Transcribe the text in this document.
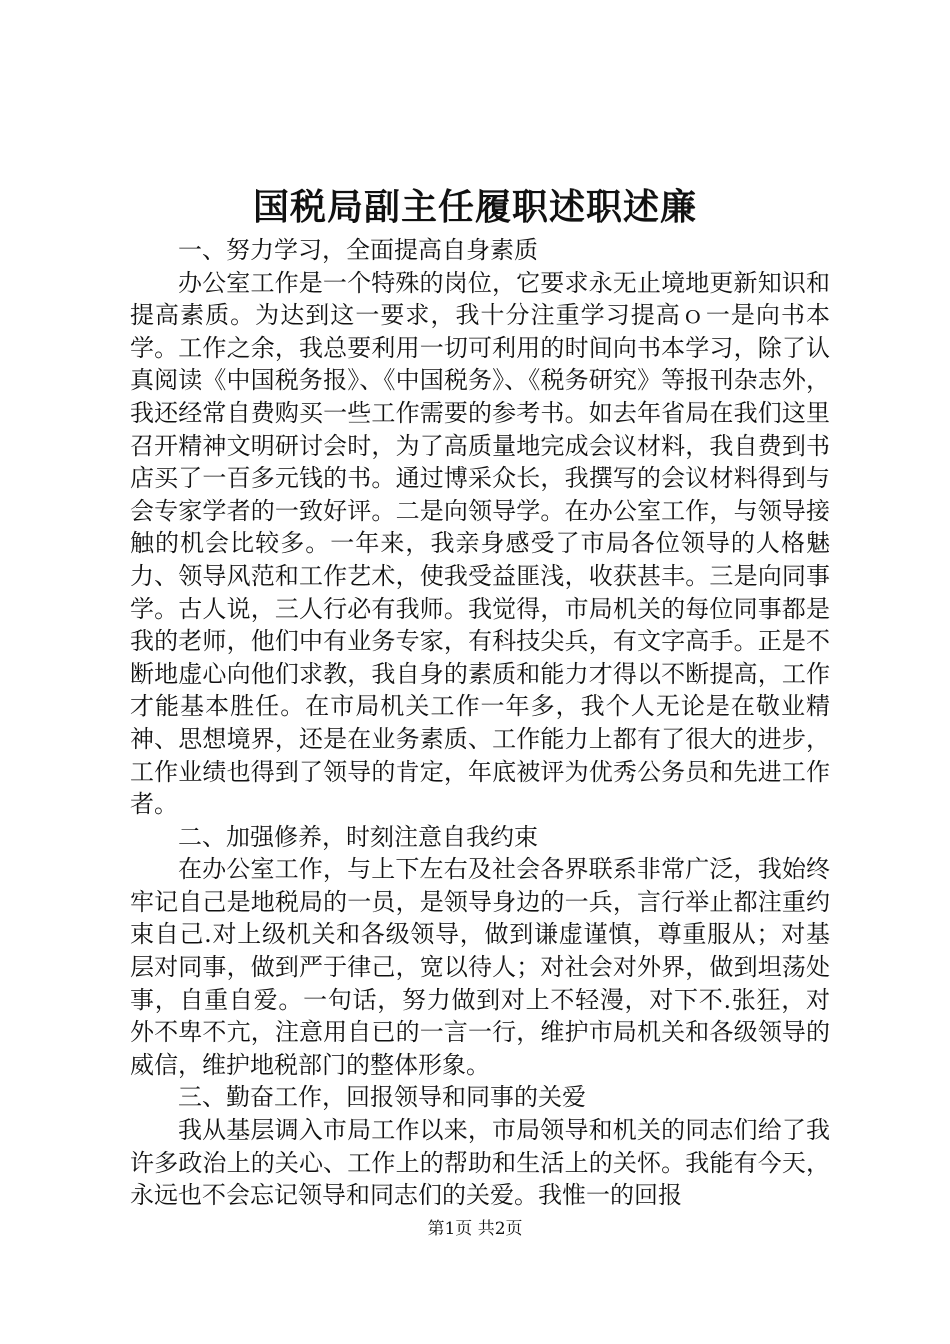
国税局副主任履职述职述廉

一、努力学习，全面提高自身素质

办公室工作是一个特殊的岗位，它要求永无止境地更新知识和提高素质。为达到这一要求，我十分注重学习提高ｏ一是向书本学。工作之余，我总要利用一切可利用的时间向书本学习，除了认真阅读《中国税务报》、《中国税务》、《税务研究》等报刊杂志外，我还经常自费购买一些工作需要的参考书。如去年省局在我们这里召开精神文明研讨会时，为了高质量地完成会议材料，我自费到书店买了一百多元钱的书。通过博采众长，我撰写的会议材料得到与会专家学者的一致好评。二是向领导学。在办公室工作，与领导接触的机会比较多。一年来，我亲身感受了市局各位领导的人格魅力、领导风范和工作艺术，使我受益匪浅，收获甚丰。三是向同事学。古人说，三人行必有我师。我觉得，市局机关的每位同事都是我的老师，他们中有业务专家，有科技尖兵，有文字高手。正是不断地虚心向他们求教，我自身的素质和能力才得以不断提高，工作才能基本胜任。在市局机关工作一年多，我个人无论是在敬业精神、思想境界，还是在业务素质、工作能力上都有了很大的进步，工作业绩也得到了领导的肯定，年底被评为优秀公务员和先进工作者。

二、加强修养，时刻注意自我约束

在办公室工作，与上下左右及社会各界联系非常广泛，我始终牢记自己是地税局的一员，是领导身边的一兵，言行举止都注重约束自己.对上级机关和各级领导，做到谦虚谨慎，尊重服从；对基层对同事，做到严于律己，宽以待人；对社会对外界，做到坦荡处事，自重自爱。一句话，努力做到对上不轻漫，对下不.张狂，对外不卑不亢，注意用自已的一言一行，维护市局机关和各级领导的威信，维护地税部门的整体形象。

三、勤奋工作，回报领导和同事的关爱

我从基层调入市局工作以来，市局领导和机关的同志们给了我许多政治上的关心、工作上的帮助和生活上的关怀。我能有今天，永远也不会忘记领导和同志们的关爱。我惟一的回报

第1页 共2页
